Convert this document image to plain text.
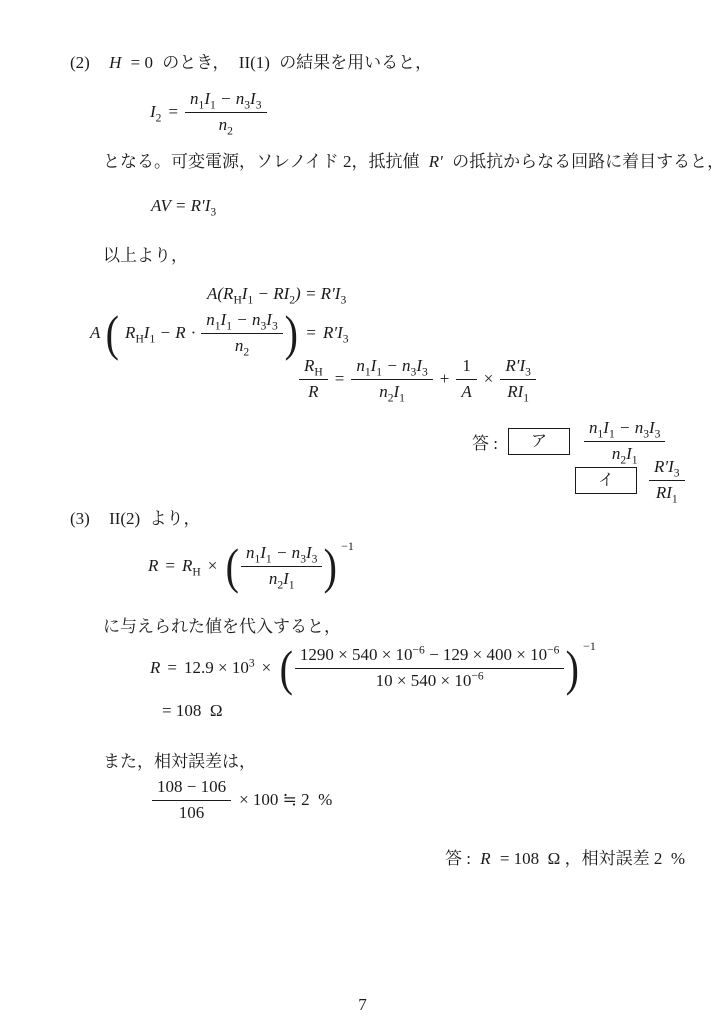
(2) H = 0 のとき， II(1) の結果を用いると，
$I_2 = \frac{n_1I_1 - n_3I_3}{n_2}$
となる。可変電源，ソレノイド 2，抵抗値 R′ の抵抗からなる回路に着目すると，
AV = $R'I_3$
以上より，
$A(R_HI_1 - RI_2) = R'I_3$
A ( $R_HI_1 - R \cdot \frac{n_1I_1 - n_3I_3}{n_2}$ ) = $R'I_3$
$\frac{R_H}{R} = \frac{n_1I_1 - n_3I_3}{n_2I_1} + \frac{1}{A} \times \frac{R'I_3}{RI_1}$
答 :	ア	$\frac{n_1I_1 - n_3I_3}{n_2I_1}$
イ	$\frac{R'I_3}{RI_1}$
(3) II(2) より，
$R = R_H$ × ( $\frac{n_1I_1 - n_3I_3}{n_2I_1}$ ) −1
に与えられた値を代入すると，
$R = 12.9 \times 10^3$ × ( $\frac{1290 \times 540 \times 10^{-6} - 129 \times 400 \times 10^{-6}}{10 \times 540 \times 10^{-6}}$ ) −1
= 108 Ω
また，相対誤差は，
$\frac{108 - 106}{106} \times 100$ ≒ 2 %
答 : R = 108 Ω ，相対誤差 2 %
7
